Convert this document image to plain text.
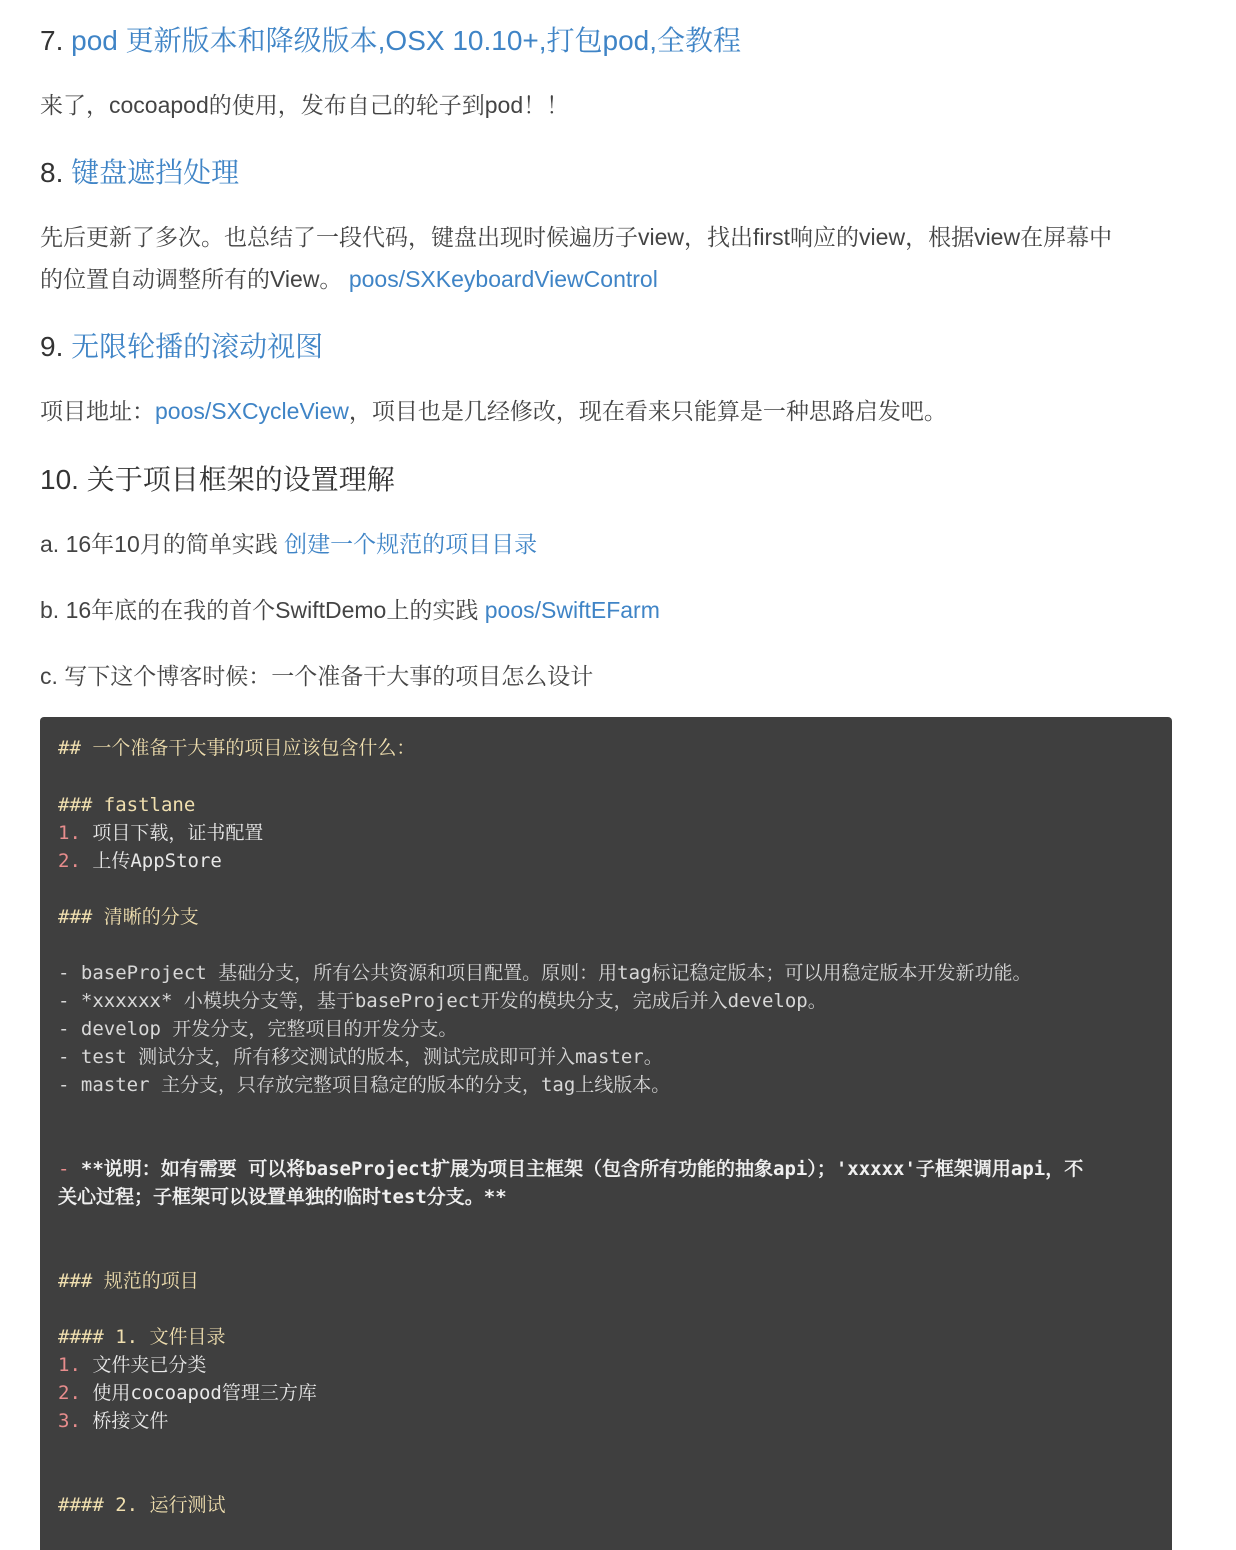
7. pod 更新版本和降级版本,OSX 10.10+,打包pod,全教程

来了，cocoapod的使用，发布自己的轮子到pod！！

8. 键盘遮挡处理

先后更新了多次。也总结了一段代码，键盘出现时候遍历子view，找出first响应的view，根据view在屏幕中

的位置自动调整所有的View。 poos/SXKeyboardViewControl

9. 无限轮播的滚动视图

项目地址：poos/SXCycleView，项目也是几经修改，现在看来只能算是一种思路启发吧。

10. 关于项目框架的设置理解

a. 16年10月的简单实践 创建一个规范的项目目录

b. 16年底的在我的首个SwiftDemo上的实践 poos/SwiftEFarm

c. 写下这个博客时候：一个准备干大事的项目怎么设计

## 一个准备干大事的项目应该包含什么：
### fastlane
1. 项目下载，证书配置
2. 上传AppStore
### 清晰的分支
- baseProject 基础分支，所有公共资源和项目配置。原则：用tag标记稳定版本；可以用稳定版本开发新功能。
- *xxxxxx* 小模块分支等，基于baseProject开发的模块分支，完成后并入develop。
- develop 开发分支，完整项目的开发分支。
- test 测试分支，所有移交测试的版本，测试完成即可并入master。
- master 主分支，只存放完整项目稳定的版本的分支，tag上线版本。
- **说明：如有需要 可以将baseProject扩展为项目主框架（包含所有功能的抽象api）；'xxxxx'子框架调用api，不
关心过程；子框架可以设置单独的临时test分支。**
### 规范的项目
#### 1. 文件目录
1. 文件夹已分类
2. 使用cocoapod管理三方库
3. 桥接文件
#### 2. 运行测试
